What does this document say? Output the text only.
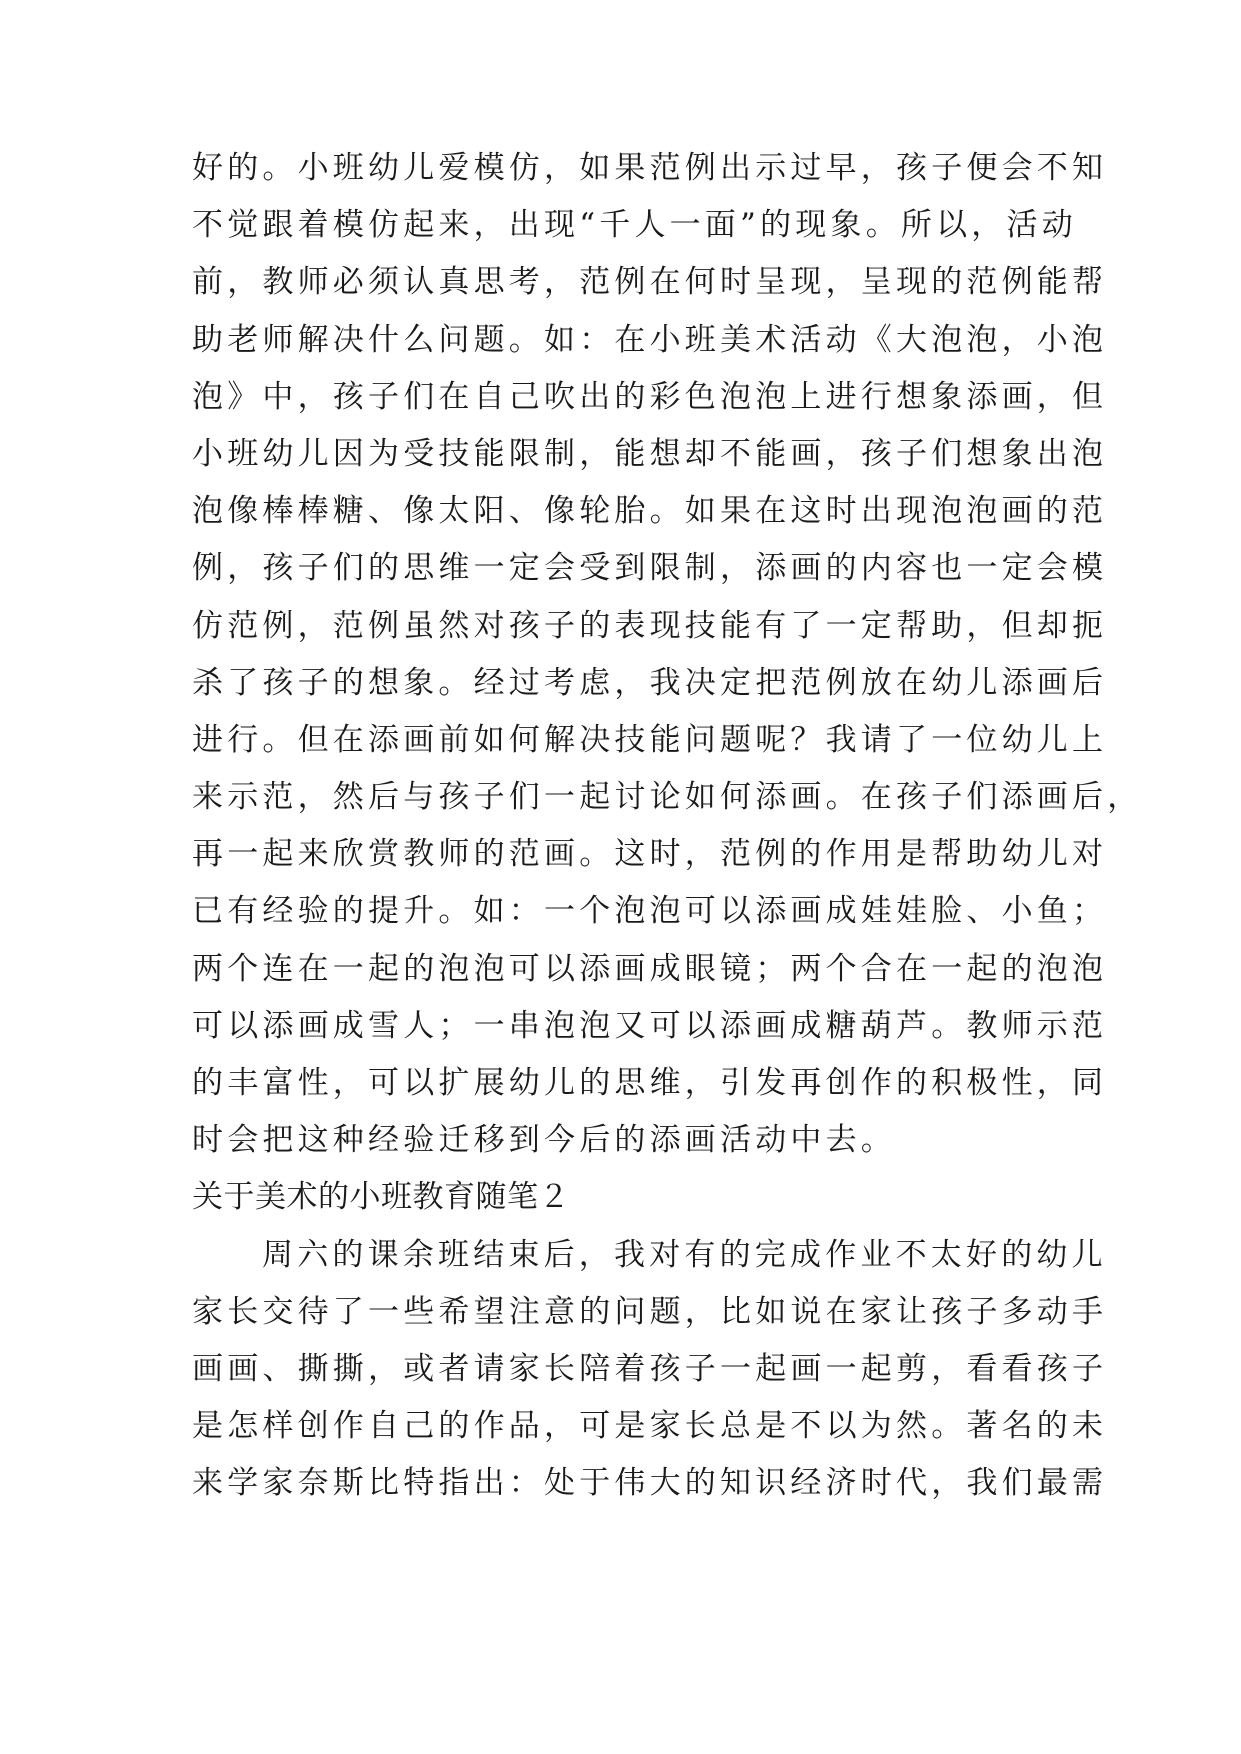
好的。小班幼儿爱模仿，如果范例出示过早，孩子便会不知
不觉跟着模仿起来，出现“千人一面”的现象。所以，活动
前，教师必须认真思考，范例在何时呈现，呈现的范例能帮
助老师解决什么问题。如：在小班美术活动《大泡泡，小泡
泡》中，孩子们在自己吹出的彩色泡泡上进行想象添画，但
小班幼儿因为受技能限制，能想却不能画，孩子们想象出泡
泡像棒棒糖、像太阳、像轮胎。如果在这时出现泡泡画的范
例，孩子们的思维一定会受到限制，添画的内容也一定会模
仿范例，范例虽然对孩子的表现技能有了一定帮助，但却扼
杀了孩子的想象。经过考虑，我决定把范例放在幼儿添画后
进行。但在添画前如何解决技能问题呢？我请了一位幼儿上
来示范，然后与孩子们一起讨论如何添画。在孩子们添画后，
再一起来欣赏教师的范画。这时，范例的作用是帮助幼儿对
已有经验的提升。如：一个泡泡可以添画成娃娃脸、小鱼；
两个连在一起的泡泡可以添画成眼镜；两个合在一起的泡泡
可以添画成雪人；一串泡泡又可以添画成糖葫芦。教师示范
的丰富性，可以扩展幼儿的思维，引发再创作的积极性，同
时会把这种经验迁移到今后的添画活动中去。
关于美术的小班教育随笔２
周六的课余班结束后，我对有的完成作业不太好的幼儿
家长交待了一些希望注意的问题，比如说在家让孩子多动手
画画、撕撕，或者请家长陪着孩子一起画一起剪，看看孩子
是怎样创作自己的作品，可是家长总是不以为然。著名的未
来学家奈斯比特指出：处于伟大的知识经济时代，我们最需
